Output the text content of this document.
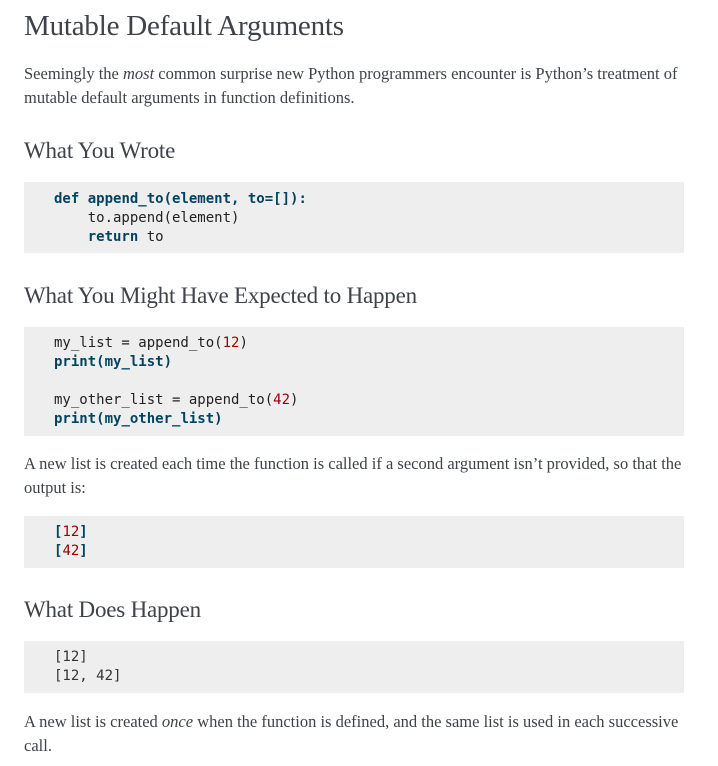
Mutable Default Arguments

Seemingly the most common surprise new Python programmers encounter is Python’s treatment of mutable default arguments in function definitions.

What You Wrote
def append_to(element, to=[]):
to.append(element)
return to
What You Might Have Expected to Happen
my_list = append_to(12)
print(my_list)
my_other_list = append_to(42)
print(my_other_list)

A new list is created each time the function is called if a second argument isn’t provided, so that the output is:

[12]
[42]
What Does Happen
[12]
[12, 42]

A new list is created once when the function is defined, and the same list is used in each successive call.
